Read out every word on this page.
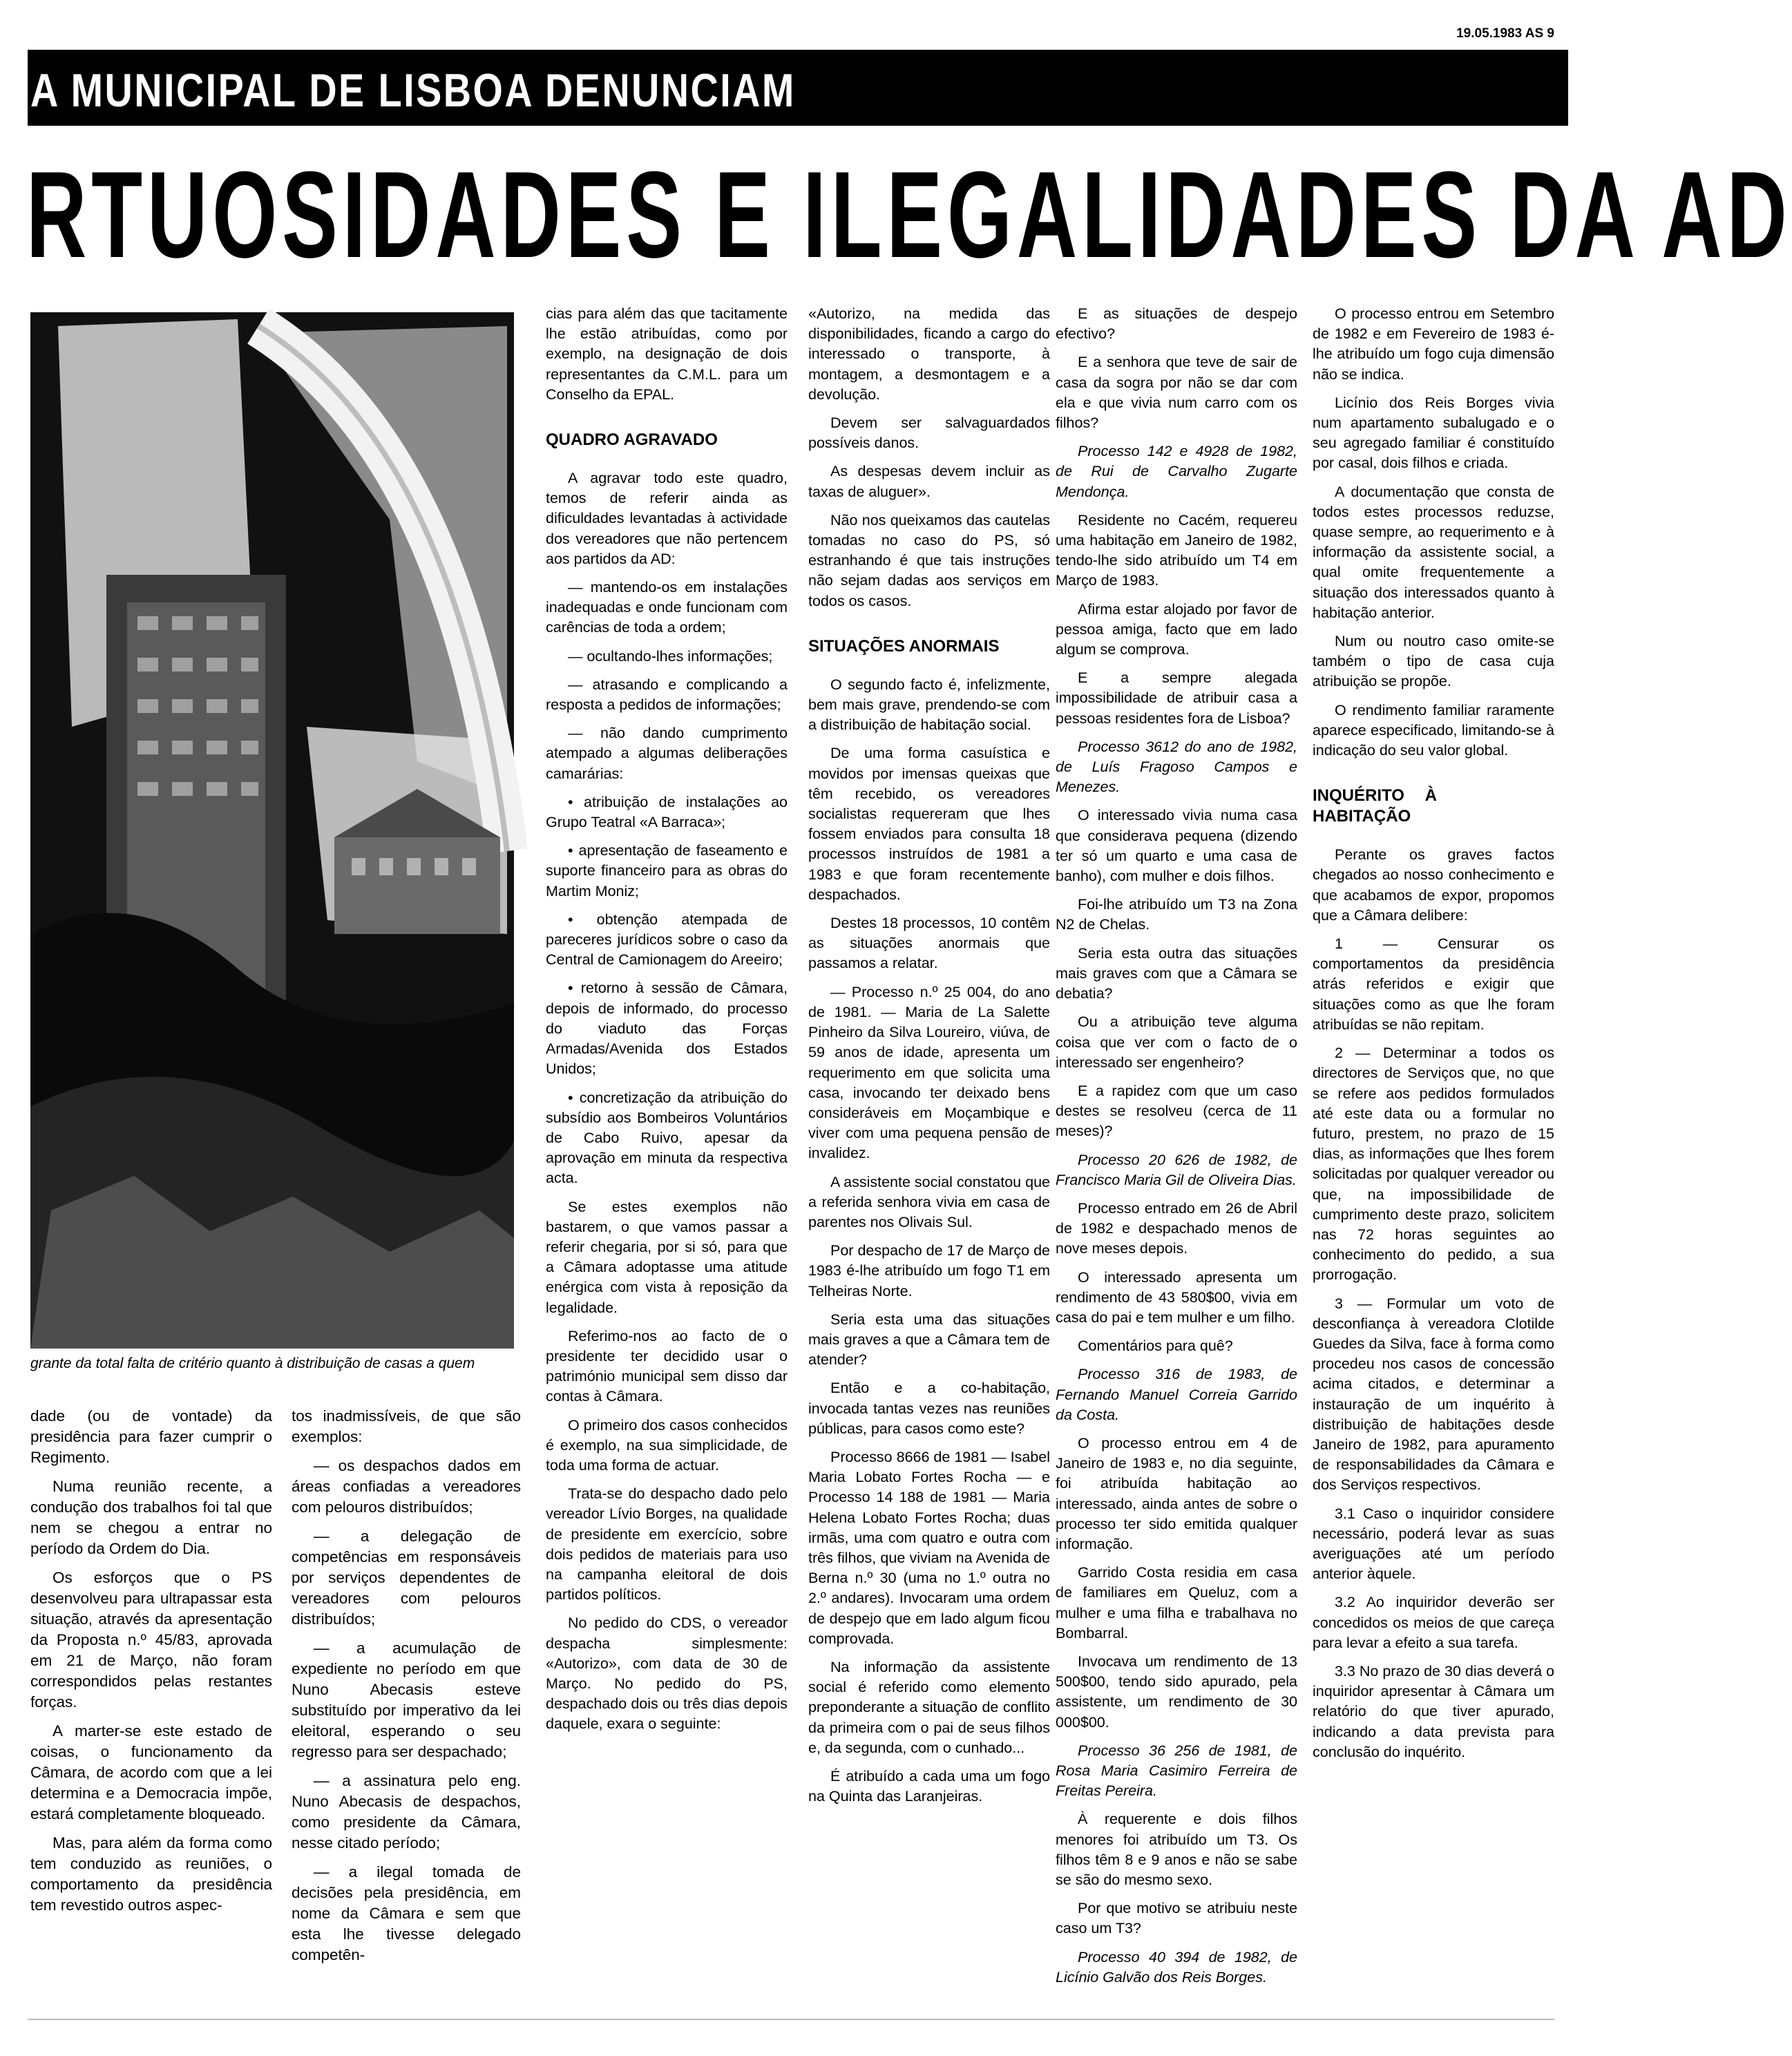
19.05.1983 AS 9
A MUNICIPAL DE LISBOA DENUNCIAM
RTUOSIDADES E ILEGALIDADES DA AD
grante da total falta de critério quanto à distribuição de casas a quem

dade (ou de vontade) da presidência para fazer cumprir o Regimento.

Numa reunião recente, a condução dos trabalhos foi tal que nem se chegou a entrar no período da Ordem do Dia.

Os esforços que o PS desenvolveu para ultrapassar esta situação, através da apresentação da Proposta n.º 45/83, aprovada em 21 de Março, não foram correspondidos pelas restantes forças.

A marter-se este estado de coisas, o funcionamento da Câmara, de acordo com que a lei determina e a Democracia impõe, estará completamente bloqueado.

Mas, para além da forma como tem conduzido as reuniões, o comportamento da presidência tem revestido outros aspec-

tos inadmissíveis, de que são exemplos:

— os despachos dados em áreas confiadas a vereadores com pelouros distribuídos;

— a delegação de competências em responsáveis por serviços dependentes de vereadores com pelouros distribuídos;

— a acumulação de expediente no período em que Nuno Abecasis esteve substituído por imperativo da lei eleitoral, esperando o seu regresso para ser despachado;

— a assinatura pelo eng. Nuno Abecasis de despachos, como presidente da Câmara, nesse citado período;

— a ilegal tomada de decisões pela presidência, em nome da Câmara e sem que esta lhe tivesse delegado competên-

cias para além das que tacitamente lhe estão atribuídas, como por exemplo, na designação de dois representantes da C.M.L. para um Conselho da EPAL.

QUADRO AGRAVADO

A agravar todo este quadro, temos de referir ainda as dificuldades levantadas à actividade dos vereadores que não pertencem aos partidos da AD:

— mantendo-os em instalações inadequadas e onde funcionam com carências de toda a ordem;

— ocultando-lhes informações;

— atrasando e complicando a resposta a pedidos de informações;

— não dando cumprimento atempado a algumas deliberações camarárias:

• atribuição de instalações ao Grupo Teatral «A Barraca»;

• apresentação de faseamento e suporte financeiro para as obras do Martim Moniz;

• obtenção atempada de pareceres jurídicos sobre o caso da Central de Camionagem do Areeiro;

• retorno à sessão de Câmara, depois de informado, do processo do viaduto das Forças Armadas/Avenida dos Estados Unidos;

• concretização da atribuição do subsídio aos Bombeiros Voluntários de Cabo Ruivo, apesar da aprovação em minuta da respectiva acta.

Se estes exemplos não bastarem, o que vamos passar a referir chegaria, por si só, para que a Câmara adoptasse uma atitude enérgica com vista à reposição da legalidade.

Referimo-nos ao facto de o presidente ter decidido usar o património municipal sem disso dar contas à Câmara.

O primeiro dos casos conhecidos é exemplo, na sua simplicidade, de toda uma forma de actuar.

Trata-se do despacho dado pelo vereador Lívio Borges, na qualidade de presidente em exercício, sobre dois pedidos de materiais para uso na campanha eleitoral de dois partidos políticos.

No pedido do CDS, o vereador despacha simplesmente: «Autorizo», com data de 30 de Março. No pedido do PS, despachado dois ou três dias depois daquele, exara o seguinte:

«Autorizo, na medida das disponibilidades, ficando a cargo do interessado o transporte, à montagem, a desmontagem e a devolução.

Devem ser salvaguardados possíveis danos.

As despesas devem incluir as taxas de aluguer».

Não nos queixamos das cautelas tomadas no caso do PS, só estranhando é que tais instruções não sejam dadas aos serviços em todos os casos.

SITUAÇÕES ANORMAIS

O segundo facto é, infelizmente, bem mais grave, prendendo-se com a distribuição de habitação social.

De uma forma casuística e movidos por imensas queixas que têm recebido, os vereadores socialistas requereram que lhes fossem enviados para consulta 18 processos instruídos de 1981 a 1983 e que foram recentemente despachados.

Destes 18 processos, 10 contêm as situações anormais que passamos a relatar.

— Processo n.º 25 004, do ano de 1981. — Maria de La Salette Pinheiro da Silva Loureiro, viúva, de 59 anos de idade, apresenta um requerimento em que solicita uma casa, invocando ter deixado bens consideráveis em Moçambique e viver com uma pequena pensão de invalidez.

A assistente social constatou que a referida senhora vivia em casa de parentes nos Olivais Sul.

Por despacho de 17 de Março de 1983 é-lhe atribuído um fogo T1 em Telheiras Norte.

Seria esta uma das situações mais graves a que a Câmara tem de atender?

Então e a co-habitação, invocada tantas vezes nas reuniões públicas, para casos como este?

Processo 8666 de 1981 — Isabel Maria Lobato Fortes Rocha — e Processo 14 188 de 1981 — Maria Helena Lobato Fortes Rocha; duas irmãs, uma com quatro e outra com três filhos, que viviam na Avenida de Berna n.º 30 (uma no 1.º outra no 2.º andares). Invocaram uma ordem de despejo que em lado algum ficou comprovada.

Na informação da assistente social é referido como elemento preponderante a situação de conflito da primeira com o pai de seus filhos e, da segunda, com o cunhado...

É atribuído a cada uma um fogo na Quinta das Laranjeiras.

E as situações de despejo efectivo?

E a senhora que teve de sair de casa da sogra por não se dar com ela e que vivia num carro com os filhos?

Processo 142 e 4928 de 1982, de Rui de Carvalho Zugarte Mendonça.

Residente no Cacém, requereu uma habitação em Janeiro de 1982, tendo-lhe sido atribuído um T4 em Março de 1983.

Afirma estar alojado por favor de pessoa amiga, facto que em lado algum se comprova.

E a sempre alegada impossibilidade de atribuir casa a pessoas residentes fora de Lisboa?

Processo 3612 do ano de 1982, de Luís Fragoso Campos e Menezes.

O interessado vivia numa casa que considerava pequena (dizendo ter só um quarto e uma casa de banho), com mulher e dois filhos.

Foi-lhe atribuído um T3 na Zona N2 de Chelas.

Seria esta outra das situações mais graves com que a Câmara se debatia?

Ou a atribuição teve alguma coisa que ver com o facto de o interessado ser engenheiro?

E a rapidez com que um caso destes se resolveu (cerca de 11 meses)?

Processo 20 626 de 1982, de Francisco Maria Gil de Oliveira Dias.

Processo entrado em 26 de Abril de 1982 e despachado menos de nove meses depois.

O interessado apresenta um rendimento de 43 580$00, vivia em casa do pai e tem mulher e um filho.

Comentários para quê?

Processo 316 de 1983, de Fernando Manuel Correia Garrido da Costa.

O processo entrou em 4 de Janeiro de 1983 e, no dia seguinte, foi atribuída habitação ao interessado, ainda antes de sobre o processo ter sido emitida qualquer informação.

Garrido Costa residia em casa de familiares em Queluz, com a mulher e uma filha e trabalhava no Bombarral.

Invocava um rendimento de 13 500$00, tendo sido apurado, pela assistente, um rendimento de 30 000$00.

Processo 36 256 de 1981, de Rosa Maria Casimiro Ferreira de Freitas Pereira.

À requerente e dois filhos menores foi atribuído um T3. Os filhos têm 8 e 9 anos e não se sabe se são do mesmo sexo.

Por que motivo se atribuiu neste caso um T3?

Processo 40 394 de 1982, de Licínio Galvão dos Reis Borges.

O processo entrou em Setembro de 1982 e em Fevereiro de 1983 é-lhe atribuído um fogo cuja dimensão não se indica.

Licínio dos Reis Borges vivia num apartamento subalugado e o seu agregado familiar é constituído por casal, dois filhos e criada.

A documentação que consta de todos estes processos reduzse, quase sempre, ao requerimento e à informação da assistente social, a qual omite frequentemente a situação dos interessados quanto à habitação anterior.

Num ou noutro caso omite-se também o tipo de casa cuja atribuição se propõe.

O rendimento familiar raramente aparece especificado, limitando-se à indicação do seu valor global.

INQUÉRITO À HABITAÇÃO

Perante os graves factos chegados ao nosso conhecimento e que acabamos de expor, propomos que a Câmara delibere:

1 — Censurar os comportamentos da presidência atrás referidos e exigir que situações como as que lhe foram atribuídas se não repitam.

2 — Determinar a todos os directores de Serviços que, no que se refere aos pedidos formulados até este data ou a formular no futuro, prestem, no prazo de 15 dias, as informações que lhes forem solicitadas por qualquer vereador ou que, na impossibilidade de cumprimento deste prazo, solicitem nas 72 horas seguintes ao conhecimento do pedido, a sua prorrogação.

3 — Formular um voto de desconfiança à vereadora Clotilde Guedes da Silva, face à forma como procedeu nos casos de concessão acima citados, e determinar a instauração de um inquérito à distribuição de habitações desde Janeiro de 1982, para apuramento de responsabilidades da Câmara e dos Serviços respectivos.

3.1 Caso o inquiridor considere necessário, poderá levar as suas averiguações até um período anterior àquele.

3.2 Ao inquiridor deverão ser concedidos os meios de que careça para levar a efeito a sua tarefa.

3.3 No prazo de 30 dias deverá o inquiridor apresentar à Câmara um relatório do que tiver apurado, indicando a data prevista para conclusão do inquérito.
